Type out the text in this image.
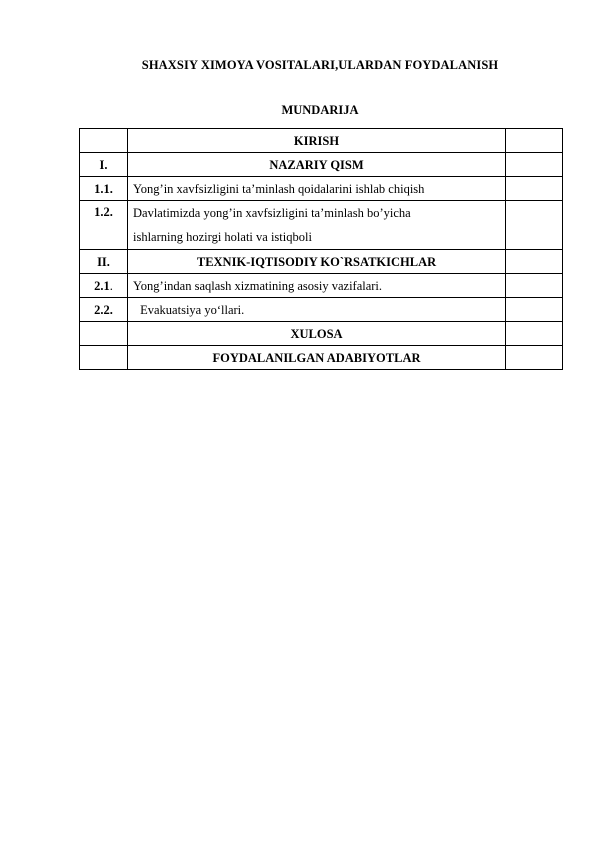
SHAXSIY XIMOYA VOSITALARI,ULARDAN FOYDALANISH
MUNDARIJA
	KIRISH	
I.	NAZARIY QISM	
1.1.	Yong’in xavfsizligini ta’minlash qoidalarini ishlab chiqish	
1.2.	Davlatimizda yong’in xavfsizligini ta’minlash bo’yicha
ishlarning hozirgi holati va istiqboli	

II.	TEXNIK-IQTISODIY KO`RSATKICHLAR	
2.1.	Yong’indan saqlash xizmatining asosiy vazifalari.	
2.2.	Evakuatsiya yo‘llari.	
	XULOSA	
	FOYDALANILGAN ADABIYOTLAR	
